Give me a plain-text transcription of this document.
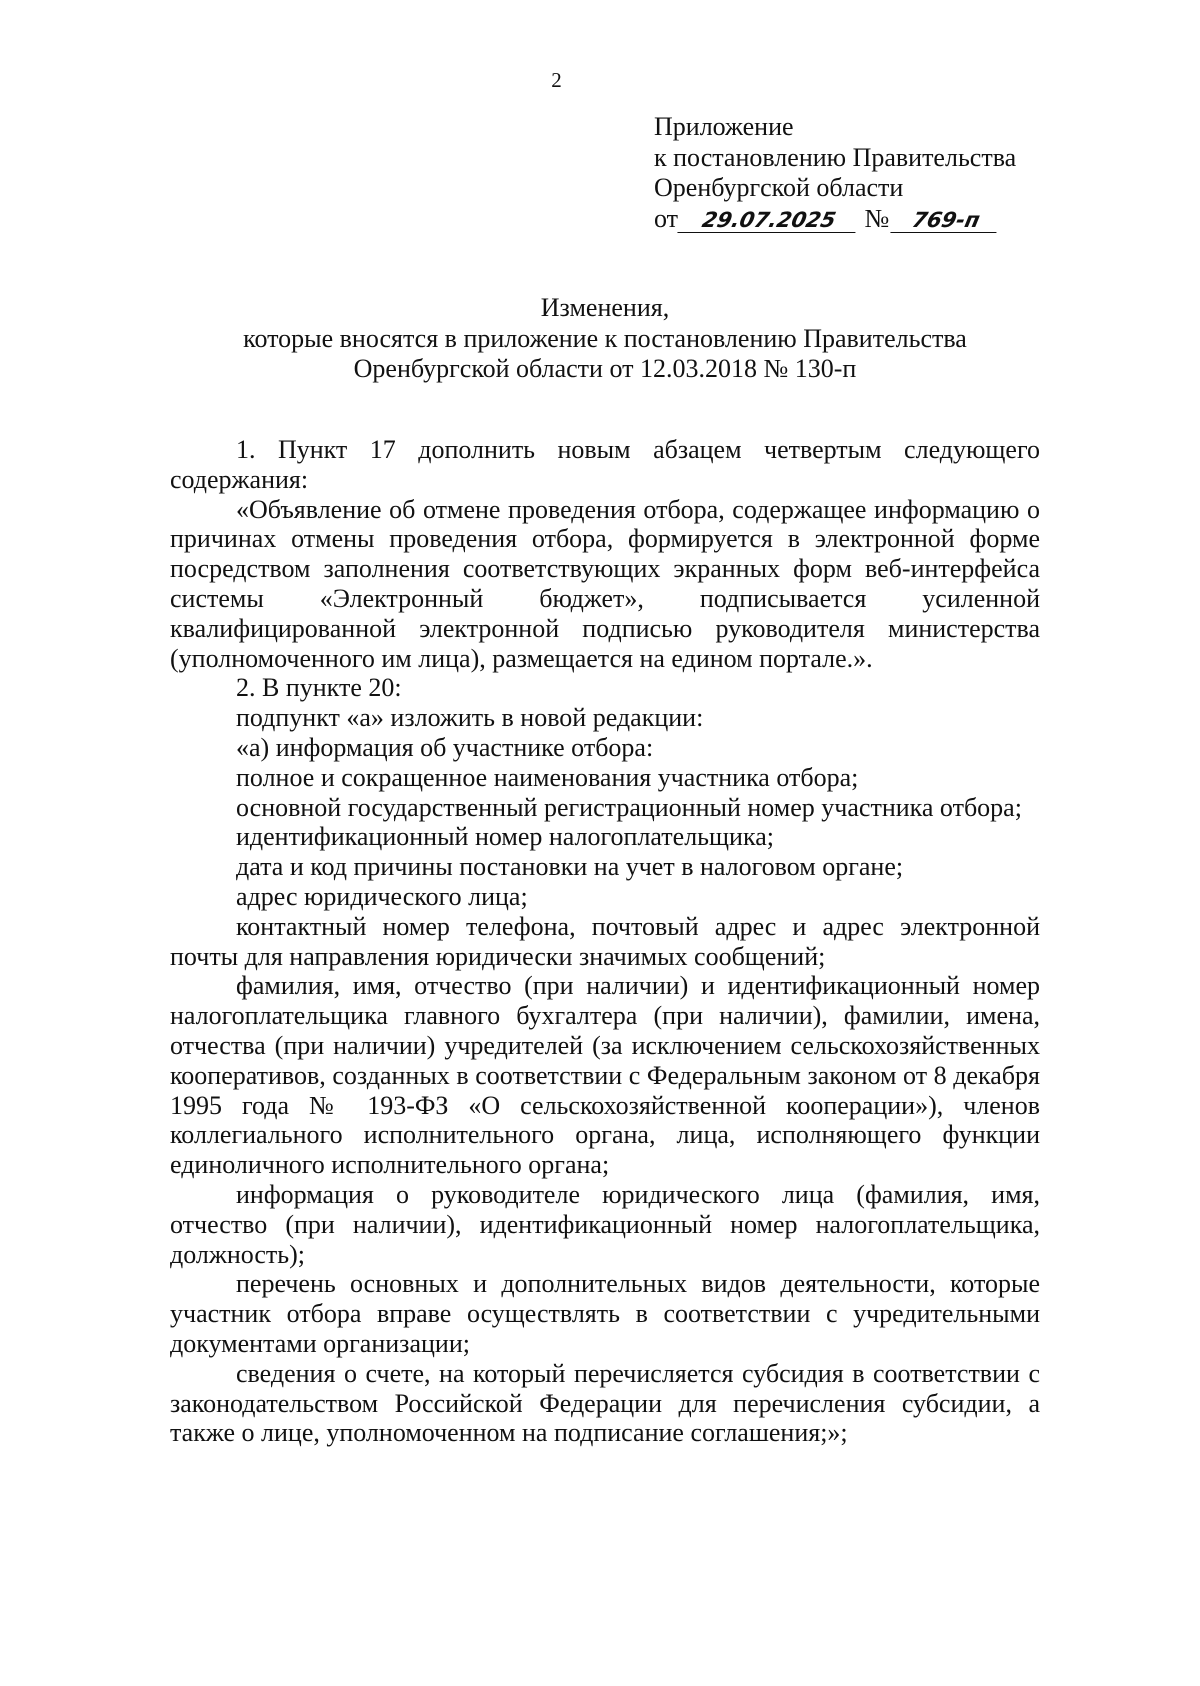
2
Приложение
к постановлению Правительства
Оренбургской области
от 29.07.2025 № 769-п
Изменения,
которые вносятся в приложение к постановлению Правительства
Оренбургской области от 12.03.2018 № 130-п

1. Пункт 17 дополнить новым абзацем четвертым следующего содержания:

«Объявление об отмене проведения отбора, содержащее информацию о причинах отмены проведения отбора, формируется в электронной форме посредством заполнения соответствующих экранных форм веб-интерфейса системы «Электронный бюджет», подписывается усиленной квалифицированной электронной подписью руководителя министерства (уполномоченного им лица), размещается на едином портале.».

2. В пункте 20:

подпункт «а» изложить в новой редакции:

«а) информация об участнике отбора:

полное и сокращенное наименования участника отбора;

основной государственный регистрационный номер участника отбора;

идентификационный номер налогоплательщика;

дата и код причины постановки на учет в налоговом органе;

адрес юридического лица;

контактный номер телефона, почтовый адрес и адрес электронной почты для направления юридически значимых сообщений;

фамилия, имя, отчество (при наличии) и идентификационный номер налогоплательщика главного бухгалтера (при наличии), фамилии, имена, отчества (при наличии) учредителей (за исключением сельскохозяйственных кооперативов, созданных в соответствии с Федеральным законом от 8 декабря 1995 года № 193-ФЗ «О сельскохозяйственной кооперации»), членов коллегиального исполнительного органа, лица, исполняющего функции единоличного исполнительного органа;

информация о руководителе юридического лица (фамилия, имя, отчество (при наличии), идентификационный номер налогоплательщика, должность);

перечень основных и дополнительных видов деятельности, которые участник отбора вправе осуществлять в соответствии с учредительными документами организации;

сведения о счете, на который перечисляется субсидия в соответствии с законодательством Российской Федерации для перечисления субсидии, а также о лице, уполномоченном на подписание соглашения;»;
